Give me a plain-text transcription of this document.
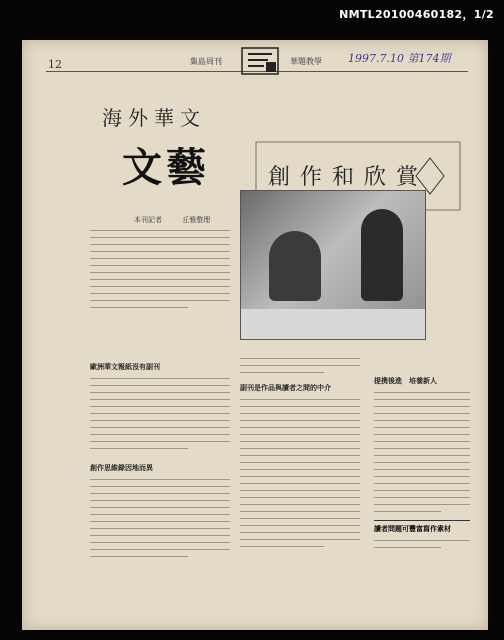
NMTL20100460182，1/2
12	集島周刊	華題教學 1997.7.10 第174期
海外華文
文藝	創作和欣賞
本刊記者	丘雅整理
歐洲華文報紙沒有副刊
創作思維錄因地而異
副刊是作品與讀者之間的中介
提携後進　培養新人
讀者問題可豐富寫作素材
